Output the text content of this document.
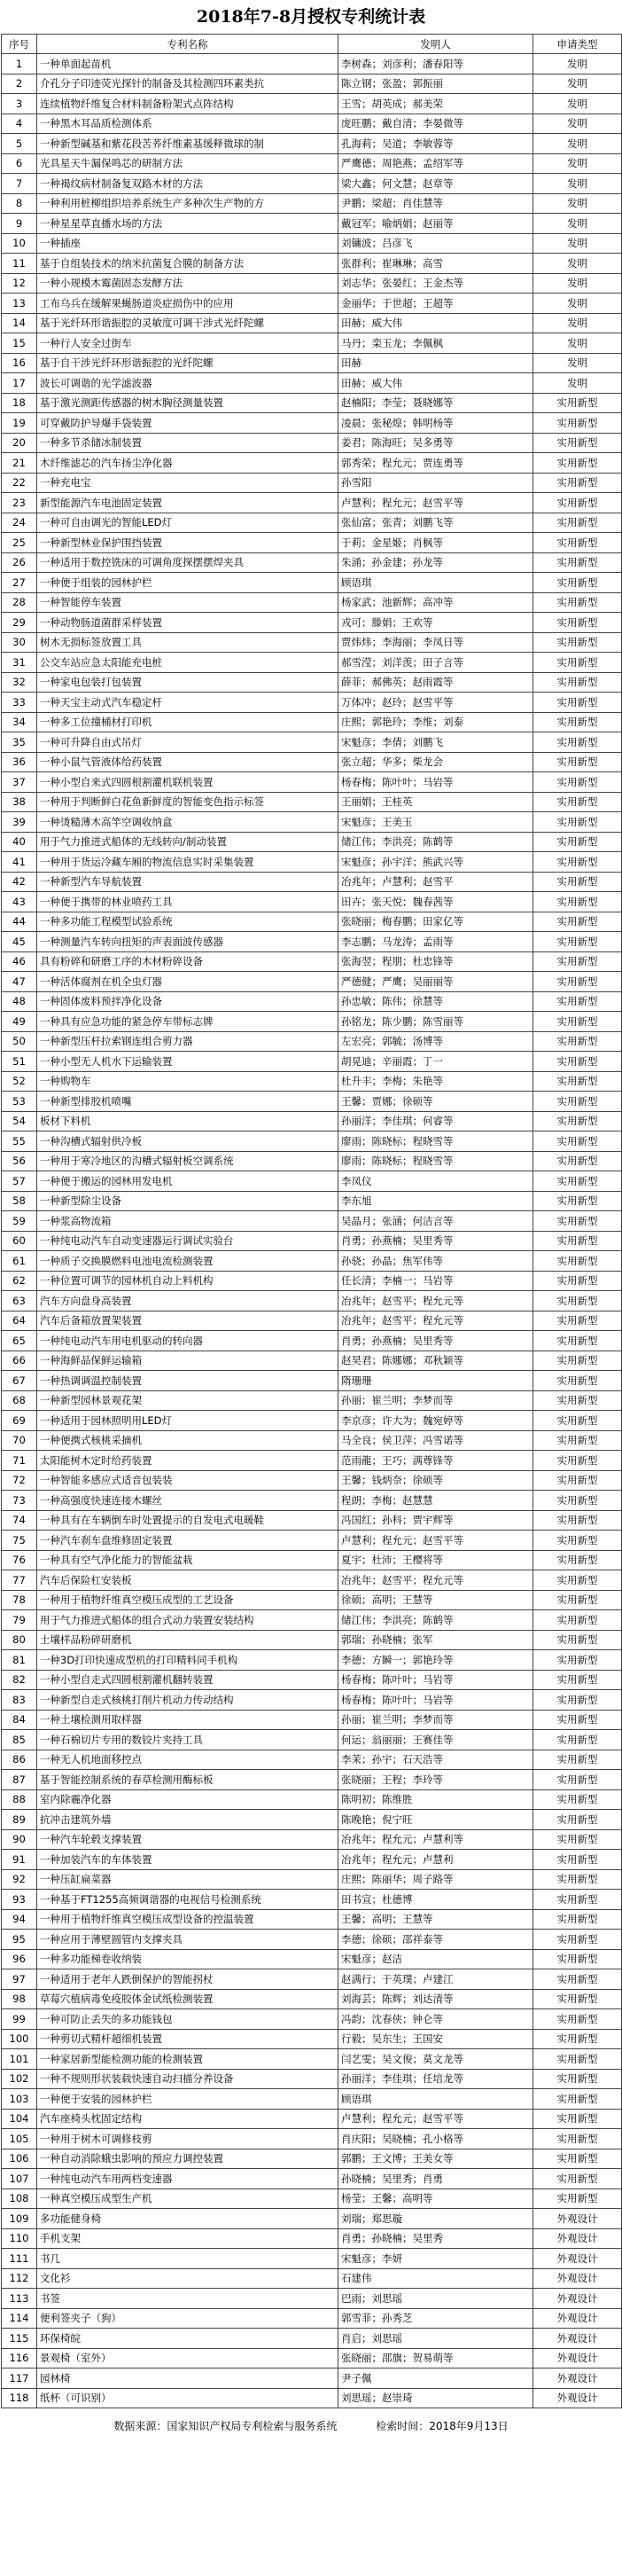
2018年7-8月授权专利统计表
序号	专利名称	发明人	申请类型
1	一种单面起苗机	李树森；刘彦利；潘春阳等	发明
2	介孔分子印迹荧光探针的制备及其检测四环素类抗	陈立钢；张盈；郭振丽	发明
3	连续植物纤维复合材料制备粉架式点阵结构	王雪；胡英成；郝美荣	发明
4	一种黑木耳品质检测体系	庞旺鹏；戴自清；李晏微等	发明
5	一种新型碱基和紫花段苦荞纤维素基缓释微球的制	孔海莉；吴道；李敏蓉等	发明
6	光具星天牛漏保鸣芯的研制方法	严鹰德；周艳燕；孟绍军等	发明
7	一种褐纹病材制备复双路木材的方法	梁大鑫；何文慧；赵章等	发明
8	一种利用桩柳组织培养系统生产多种次生产物的方	尹鹏；梁超；肖佳慧等	发明
9	一种星星草直播水场的方法	戴冠军；喻炳娟；赵丽等	发明
10	一种插座	刘镛波；吕彦飞	发明
11	基于自组装技术的纳米抗菌复合膜的制备方法	张群利；崔琳琳；高雪	发明
12	一种小规模木霉菌固态发酵方法	刘志华；张晏红；王金杰等	发明
13	工布乌兵在缓解果蝇肠道炎症损伤中的应用	金丽华；于世超；王超等	发明
14	基于光纤环形谐振腔的灵敏度可调干涉式光纤陀螺	田赫；威大伟	发明
15	一种行人安全过街车	马丹；栾玉龙；李佩枫	发明
16	基于自干涉光纤环形谐振腔的光纤陀螺	田赫	发明
17	波长可调谐的光学滤波器	田赫；威大伟	发明
18	基于激光测距传感器的树木胸径测量装置	赵楠阳；李莹；聂晓娜等	实用新型
19	可穿戴防护导爆手袋装置	凌晨；张秘煌；韩明杨等	实用新型
20	一种多节杀储冰制装置	姜君；陈海旺；吴多勇等	实用新型
21	木纤维滤芯的汽车扬尘净化器	郭秀荣；程允元；贾连勇等	实用新型
22	一种充电宝	孙雪阳	实用新型
23	新型能源汽车电池固定装置	卢慧利；程允元；赵雪平等	实用新型
24	一种可自由调光的智能LED灯	张仙富；张青；刘鹏飞等	实用新型
25	一种新型林业保护围挡装置	于莉；金星姬；肖枫等	实用新型
26	一种适用于数控铣床的可调角度探摆摆焊夹具	朱涌；孙金建；孙龙等	实用新型
27	一种便于组装的园林护栏	顾语琪	实用新型
28	一种智能停车装置	杨家武；池新辉；高冲等	实用新型
29	一种动物肠道菌群采样装置	戎可；滕娟；王欢等	实用新型
30	树木无损标签放置工具	贾炜炜；李海丽；李凤日等	实用新型
31	公交车站应急太阳能充电桩	郝雪滢；刘洋羡；田子言等	实用新型
32	一种家电包装打包装置	薛菲；郝佛英；赵雨霞等	实用新型
33	一种天宝主动式汽车稳定杆	万体冲；赵玲；赵雪平等	实用新型
34	一种多工位撞桶材打印机	庄熙；郭艳玲；李维；刘泰	实用新型
35	一种可升降自由式吊灯	宋魁彦；李倩；刘鹏飞	实用新型
36	一种小鼠气管液体给药装置	张立超；华多；柴龙会	实用新型
37	一种小型自来式四圆根割灌机联机装置	杨春梅；陈叶叶；马岩等	实用新型
38	一种用于判断鲜白花鱼新鲜度的智能变色指示标签	王丽娟；王桂英	实用新型
39	一种烫糙薄木高竿空调收纳盒	宋魁彦；王美玉	实用新型
40	用于气力推进式船体的无线转向/制动装置	储江伟；李洪亮；陈鹤等	实用新型
41	一种用于货运冷藏车厢的物流信息实时采集装置	宋魁彦；孙宇洋；熊武兴等	实用新型
42	一种新型汽车导航装置	冶兆年；卢慧利；赵雪平	实用新型
43	一种便于携带的林业喷药工具	田卉；张天悦；魏春茜等	实用新型
44	一种多功能工程模型试验系统	张晓丽；梅春鹏；田家亿等	实用新型
45	一种测量汽车转向扭矩的声表面波传感器	李志鹏；马龙涛；孟雨等	实用新型
46	具有粉碎和研磨工序的木材粉碎设备	张海翌；程朋；杜忠锋等	实用新型
47	一种活体腐剂在机全虫灯器	严德健；严鹰；吴丽丽等	实用新型
48	一种固体废料预拌净化设备	孙忠敏；陈伟；徐慧等	实用新型
49	一种具有应急功能的紧急停车带标志牌	孙铭龙；陈少鹏；陈雪丽等	实用新型
50	一种新型压杆拉索钢连组合剪力器	左宏亮；郭毓；汤博等	实用新型
51	一种小型无人机水下运输装置	胡晃迪；辛丽霞；丁一	实用新型
52	一种购物车	杜升丰；李梅；朱艳等	实用新型
53	一种新型排胶机喷嘴	王馨；贾娜；徐硕等	实用新型
54	板材下料机	孙丽洋；李佳琪；何睿等	实用新型
55	一种沟槽式辐射供冷板	廖雨；陈晓标；程晓雪等	实用新型
56	一种用于寒冷地区的沟槽式辐射板空调系统	廖雨；陈晓标；程晓雪等	实用新型
57	一种便于搬运的园林用发电机	李凤仪	实用新型
58	一种新型除尘设备	李东旭	实用新型
59	一种浆高物流箱	吴晶月；张涵；何洁言等	实用新型
60	一种纯电动汽车自动变速器运行调试实验台	肖勇；孙燕楠；吴里秀等	实用新型
61	一种质子交换膜燃料电池电流检测装置	孙骁；孙晶；焦军伟等	实用新型
62	一种位置可调节的园林机自动上料机构	任长清；李楠一；马岩等	实用新型
63	汽车方向盘身高装置	冶兆年；赵雪平；程允元等	实用新型
64	汽车后备箱放置架装置	冶兆年；赵雪平；程允元等	实用新型
65	一种纯电动汽车用电机驱动的转向器	肖勇；孙燕楠；吴里秀等	实用新型
66	一种海鲜品保鲜运输箱	赵昊君；陈娜娜；邓秋颖等	实用新型
67	一种热调调温控制装置	隋珊珊	实用新型
68	一种新型园林景观花架	孙丽；崔兰明；李梦而等	实用新型
69	一种适用于园林照明用LED灯	李京彦；许大为；魏宛婷等	实用新型
70	一种便携式核桃采摘机	马全良；侯卫萍；冯雪诺等	实用新型
71	太阳能树木定时给药装置	范雨龍；王巧；满尊锋等	实用新型
72	一种智能多感应式适音包装装	王馨；钱炳奈；徐硕等	实用新型
73	一种高强度快速连接木螺丝	程朗；李梅；赵慧慧	实用新型
74	一种具有在车辆倒车时处置提示的自发电式电暖鞋	冯国红；孙科；贾宇辉等	实用新型
75	一种汽车刹车盘维修固定装置	卢慧利；程允元；赵雪平等	实用新型
76	一种具有空气净化能力的智能盆栽	夏宇；杜沛；王樱将等	实用新型
77	汽车后保险杠安装板	冶兆年；赵雪平；程允元等	实用新型
78	一种用于植物纤维真空模压成型的工艺设备	徐硕；高明；王慧等	实用新型
79	用于气力推进式船体的组合式动力装置安装结构	储江伟；李洪亮；陈鹤等	实用新型
80	土壤样品粉碎研磨机	郭瑞；孙晓楠；张军	实用新型
81	一种3D打印快速成型机的打印精料同手机构	李德；方瞬一；郭艳玲等	实用新型
82	一种小型自走式四圆根割灌机翻转装置	杨春梅；陈叶叶；马岩等	实用新型
83	一种新型自走式核桃打削片机动力传动结构	杨春梅；陈叶叶；马岩等	实用新型
84	一种土壤检测用取样器	孙丽；崔兰明；李梦而等	实用新型
85	一种石棉切片专用的数铰片夹持工具	何运；翁丽丽；王赛佳等	实用新型
86	一种无人机地面移控点	李茉；孙宇；石天浩等	实用新型
87	基于智能控制系统的春草检测用酶标板	张晓丽；王程；李玲等	实用新型
88	室内除霾净化器	陈明初；陈维胜	实用新型
89	抗冲击建筑外墙	陈晚艳；倪宁旺	实用新型
90	一种汽车轮毂支撑装置	冶兆年；程允元；卢慧利等	实用新型
91	一种加装汽车的车体装置	冶兆年；程允元；卢慧利	实用新型
92	一种压缸扁菜器	庄熙；陈丽华；周子路等	实用新型
93	一种基于FT1255高频调谐器的电视信号检测系统	田书宣；杜德博	实用新型
94	一种用于植物纤维真空模压成型设备的控温装置	王馨；高明；王慧等	实用新型
95	一种应用于薄壁圆管内支撑夹具	李德；徐硕；邵祥泰等	实用新型
96	一种多功能梯卷收纳装	宋魁彦；赵洁	实用新型
97	一种适用于老年人跌倒保护的智能拐杖	赵满行；于英璞；卢建江	实用新型
98	草莓穴植病毒免疫胶体金试纸检测装置	刘海芸；陈辉；刘达清等	实用新型
99	一种可防止丢失的多功能钱包	冯韵；沈春侠；钟仑等	实用新型
100	一种剪切式精杆超细机装置	行毅；吴东生；王国安	实用新型
101	一种家居新型能检测功能的检测装置	闫艺雯；吴文俊；莫文龙等	实用新型
102	一种不规则形状装载快速自动扫描分养设备	孙丽洋；李佳琪；任培龙等	实用新型
103	一种便于安装的园林护栏	顾语琪	实用新型
104	汽车座椅头枕固定结构	卢慧利；程允元；赵雪平等	实用新型
105	一种用于树木可调修枝剪	肖庆阳；吴晓楠；孔小格等	实用新型
106	一种自动消除蛾虫影响的预应力调控装置	郭鹏；王文博；王美女等	实用新型
107	一种纯电动汽车用两档变速器	孙晓楠；吴里秀；肖勇	实用新型
108	一种真空模压成型生产机	杨莹；王馨；高明等	实用新型
109	多功能健身椅	刘瑞；郑思璇	外观设计
110	手机支架	肖勇；孙晓楠；吴里秀	外观设计
111	书几	宋魁彦；李妍	外观设计
112	文化衫	石建伟	外观设计
113	书签	巴雨；刘思瑶	外观设计
114	便利签夹子（狗）	郭雪菲；孙秀芝	外观设计
115	环保椅皖	肖启；刘思瑶	外观设计
116	景观椅（室外）	张晓丽；邵旗；贺易萌等	外观设计
117	园林椅	尹子佩	外观设计
118	纸杯（可识别）	刘思瑶；赵崇琦	外观设计
数据来源：国家知识产权局专利检索与服务系统	检索时间：2018年9月13日
